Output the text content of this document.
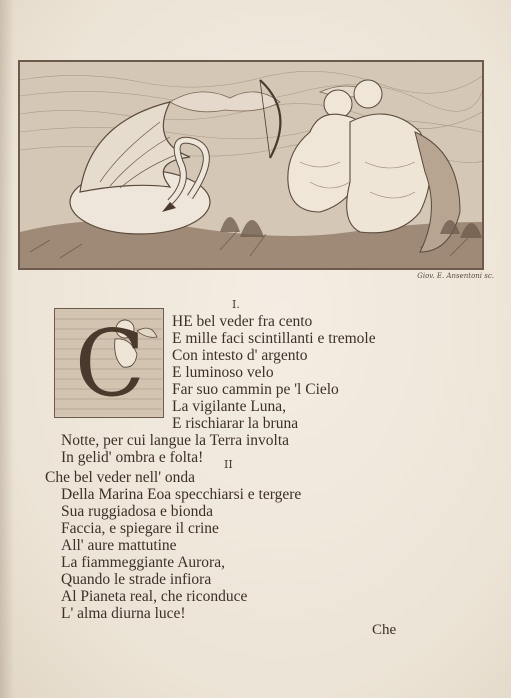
Giov. E. Ansentoni sc.
I.
C	HE bel veder fra cento
E mille faci scintillanti e tremole
Con intesto d' argento
E luminoso velo
Far suo cammin pe 'l Cielo
La vigilante Luna,
E rischiarar la bruna
Notte, per cui langue la Terra involta
In gelid' ombra e folta! II
Che bel veder nell' onda
Della Marina Eoa specchiarsi e tergere
Sua ruggiadosa e bionda
Faccia, e spiegare il crine
All' aure mattutine
La fiammeggiante Aurora,
Quando le strade infiora
Al Pianeta real, che riconduce
L' alma diurna luce!
Che
